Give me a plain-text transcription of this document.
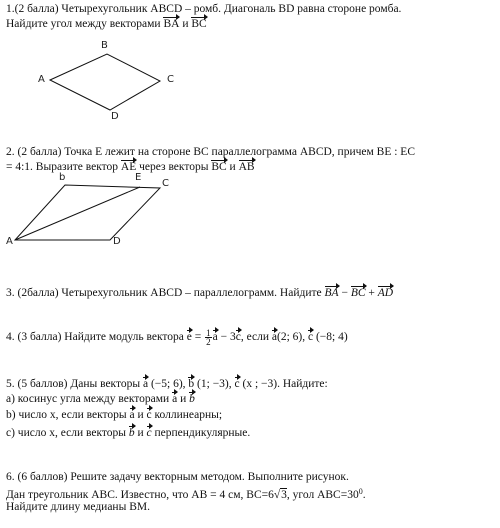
1.(2 балла) Четырехугольник ABCD – ромб. Диагональ BD равна стороне ромба.
Найдите угол между векторами BA и BC
B
A	C
D
2. (2 балла) Точка Е лежит на стороне ВС параллелограмма ABCD, причем ВЕ : ЕС
= 4:1. Выразите вектор AE через векторы BC и AB
b	E
C
A	D
3. (2балла) Четырехугольник ABCD – параллелограмм. Найдите BA − BC + AD
4. (3 балла) Найдите модуль вектора $e = \frac{1}{2}$ a − 3c, если a(2; 6), c (−8; 4)
5. (5 баллов) Даны векторы a (−5; 6), b (1; −3), c (x ; −3). Найдите:
a) косинус угла между векторами a и b
b) число x, если векторы a и c коллинеарны;
c) число x, если векторы b и c перпендикулярные.
6. (6 баллов) Решите задачу векторным методом. Выполните рисунок.
Дан треугольник АВС. Известно, что АВ = 4 см, ВС=6√3, угол $АВС=30^0$.
Найдите длину медианы ВМ.
